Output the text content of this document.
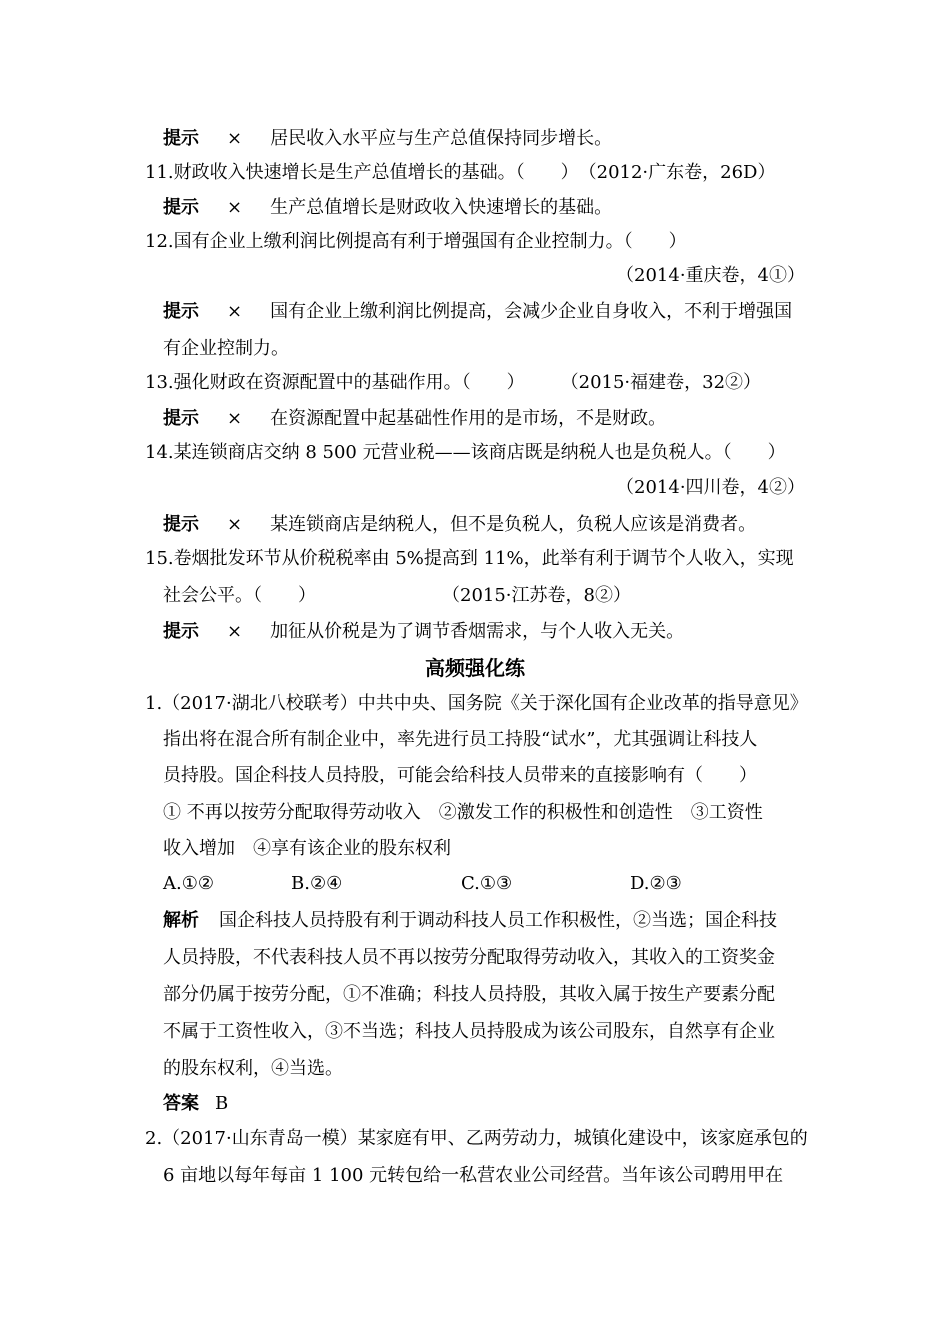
提示 × 居民收入水平应与生产总值保持同步增长。
11.财政收入快速增长是生产总值增长的基础。（　　）　（2012·广东卷，26D）
提示 × 生产总值增长是财政收入快速增长的基础。
12.国有企业上缴利润比例提高有利于增强国有企业控制力。（　　）
（2014·重庆卷，4①）
提示 × 国有企业上缴利润比例提高，会减少企业自身收入，不利于增强国
有企业控制力。
13.强化财政在资源配置中的基础作用。（　　）　　　（2015·福建卷，32②）
提示 × 在资源配置中起基础性作用的是市场，不是财政。
14.某连锁商店交纳 8 500 元营业税——该商店既是纳税人也是负税人。（　　）
（2014·四川卷，4②）
提示 × 某连锁商店是纳税人，但不是负税人，负税人应该是消费者。
15.卷烟批发环节从价税税率由 5%提高到 11%，此举有利于调节个人收入，实现
社会公平。（　　）　　　　　　　　（2015·江苏卷，8②）
提示 × 加征从价税是为了调节香烟需求，与个人收入无关。
高频强化练
1.（2017·湖北八校联考）中共中央、国务院《关于深化国有企业改革的指导意见》
指出将在混合所有制企业中，率先进行员工持股“试水”，尤其强调让科技人
员持股。国企科技人员持股，可能会给科技人员带来的直接影响有（　　）
① 不再以按劳分配取得劳动收入　②激发工作的积极性和创造性　③工资性
收入增加　④享有该企业的股东权利
A.①②	B.②④	C.①③	D.②③
解析 国企科技人员持股有利于调动科技人员工作积极性，②当选；国企科技
人员持股，不代表科技人员不再以按劳分配取得劳动收入，其收入的工资奖金
部分仍属于按劳分配，①不准确；科技人员持股，其收入属于按生产要素分配
不属于工资性收入，③不当选；科技人员持股成为该公司股东，自然享有企业
的股东权利，④当选。
答案 B
2.（2017·山东青岛一模）某家庭有甲、乙两劳动力，城镇化建设中，该家庭承包的
6 亩地以每年每亩 1 100 元转包给一私营农业公司经营。当年该公司聘用甲在
